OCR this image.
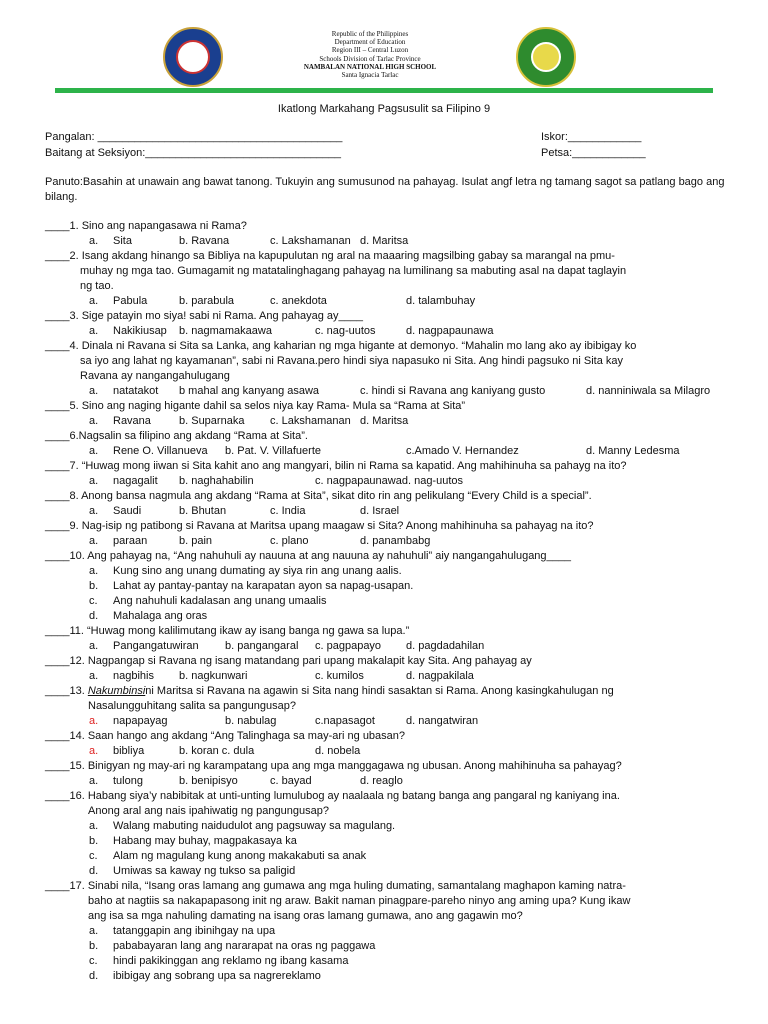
Republic of the Philippines
Department of Education
Region III – Central Luzon
Schools Division of Tarlac Province
NAMBALAN NATIONAL HIGH SCHOOL
Santa Ignacia Tarlac
Ikatlong Markahang Pagsusulit sa Filipino 9
Pangalan: ________________________________________
Baitang at Seksiyon:________________________________
Iskor:____________
Petsa:____________
Panuto:Basahin at unawain ang bawat tanong. Tukuyin ang sumusunod na pahayag. Isulat angf letra ng tamang sagot sa patlang bago ang bilang.
____1. Sino ang napangasawa ni Rama?
a. Sita	b. Ravana	c. Lakshamanan d. Maritsa
____2. Isang akdang hinango sa Bibliya na kapupulutan ng aral na maaaring magsilbing gabay sa marangal na pmu-
muhay ng mga tao. Gumagamit ng matatalinghagang pahayag na lumilinang sa mabuting asal na dapat taglayin
ng tao.
a. Pabula	b. parabula	c. anekdota	d. talambuhay
____3. Sige patayin mo siya! sabi ni Rama. Ang pahayag ay____
a. Nakikiusap b. nagmamakaawa	c. nag-uutos	d. nagpapaunawa
____4. Dinala ni Ravana si Sita sa Lanka, ang kaharian ng mga higante at demonyo. “Mahalin mo lang ako ay ibibigay ko
sa iyo ang lahat ng kayamanan”, sabi ni Ravana.pero hindi siya napasuko ni Sita. Ang hindi pagsuko ni Sita kay
Ravana ay nangangahulugang
a. natatakot b mahal ang kanyang asawa	c. hindi si Ravana ang kaniyang gusto	d. nanniniwala sa Milagro
____5. Sino ang naging higante dahil sa selos niya kay Rama- Mula sa “Rama at Sita”
a. Ravana	b. Suparnaka c. Lakshamanan d. Maritsa
____6.Nagsalin sa filipino ang akdang “Rama at Sita”.
a. Rene O. Villanueva b. Pat. V. Villafuerte	c.Amado V. Hernandez	d. Manny Ledesma
____7. “Huwag mong iiwan si Sita kahit ano ang mangyari, bilin ni Rama sa kapatid. Ang mahihinuha sa pahayg na ito?
a. nagagalit b. naghahabilin	c. nagpapaunawad. nag-uutos
____8. Anong bansa nagmula ang akdang “Rama at Sita”, sikat dito rin ang pelikulang “Every Child is a special”.
a. Saudi	b. Bhutan	c. India	d. Israel
____9. Nag-isip ng patibong si Ravana at Maritsa upang maagaw si Sita? Anong mahihinuha sa pahayag na ito?
a. paraan	b. pain	c. plano	d. panambabg
____10. Ang pahayag na, “Ang nahuhuli ay nauuna at ang nauuna ay nahuhuli” aiy nangangahulugang____
a. Kung sino ang unang dumating ay siya rin ang unang aalis.
b. Lahat ay pantay-pantay na karapatan ayon sa napag-usapan.
c. Ang nahuhuli kadalasan ang unang umaalis
d. Mahalaga ang oras
____11. “Huwag mong kalilimutang ikaw ay isang banga ng gawa sa lupa.”
a. Pangangatuwiran b. pangangaral c. pagpapayo d. pagdadahilan
____12. Nagpangap si Ravana ng isang matandang pari upang makalapit kay Sita. Ang pahayag ay
a. nagbihis b. nagkunwari	c. kumilos	d. nagpakilala
____13. Nakumbinsini Maritsa si Ravana na agawin si Sita nang hindi sasaktan si Rama. Anong kasingkahulugan ng
Nasalungguhitang salita sa pangungusap?
a. napapayag	b. nabulag	c.napasagot	d. nangatwiran
____14. Saan hango ang akdang “Ang Talinghaga sa may-ari ng ubasan?
a. bibliya	b. koran c. dula	d. nobela
____15. Binigyan ng may-ari ng karampatang upa ang mga manggagawa ng ubusan. Anong mahihinuha sa pahayag?
a. tulong	b. benipisyo	c. bayad	d. reaglo
____16. Habang siya’y nabibitak at unti-unting lumulubog ay naalaala ng batang banga ang pangaral ng kaniyang ina.
Anong aral ang nais ipahiwatig ng pangungusap?
a. Walang mabuting naidudulot ang pagsuway sa magulang.
b. Habang may buhay, magpakasaya ka
c. Alam ng magulang kung anong makakabuti sa anak
d. Umiwas sa kaway ng tukso sa paligid
____17. Sinabi nila, “Isang oras lamang ang gumawa ang mga huling dumating, samantalang maghapon kaming natra-
baho at nagtiis sa nakapapasong init ng araw. Bakit naman pinagpare-pareho ninyo ang aming upa? Kung ikaw
ang isa sa mga nahuling damating na isang oras lamang gumawa, ano ang gagawin mo?
a. tatanggapin ang ibinihgay na upa
b. pababayaran lang ang nararapat na oras ng paggawa
c. hindi pakikinggan ang reklamo ng ibang kasama
d. ibibigay ang sobrang upa sa nagrereklamo
